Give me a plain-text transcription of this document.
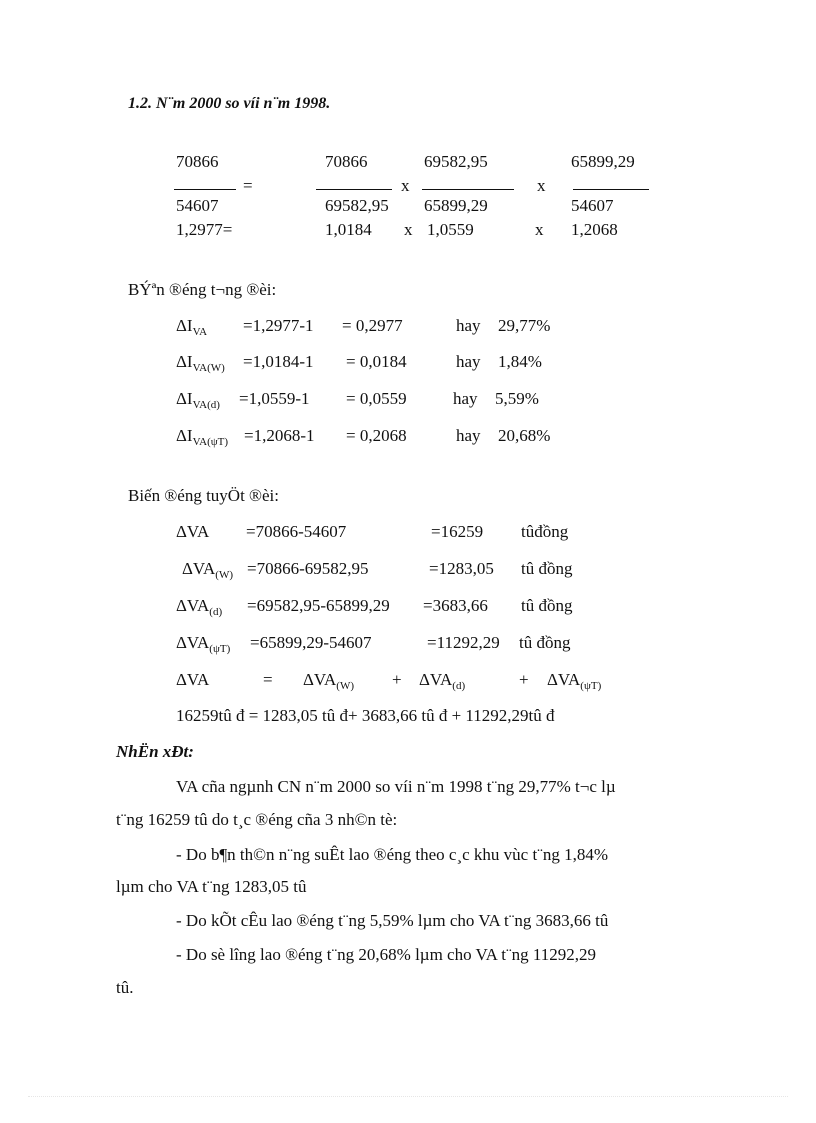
1.2. N¨m 2000 so víi n¨m 1998.
70866	70866	69582,95	65899,29
=	x	x
54607	69582,95 65899,29	54607
1,2977=	1,0184 x 1,0559	x 1,2068
BÝªn ®éng t¬ng ®èi:
$\Delta I_{VA} =1,2977-1 = 0,2977$	hay 29,77%
$\Delta I_{VA(W)} =1,0184-1 = 0,0184$	hay 1,84%
$\Delta I_{VA(d)} =1,0559-1 = 0,0559$	hay 5,59%
$\Delta I_{VA(\psi T)} =1,2068-1 = 0,2068$	hay 20,68%
Biến ®éng tuyÖt ®èi:
ΔVA =70866-54607	=16259 tûđồng
$\Delta VA_{(W)} =70866-69582,95$	=1283,05 tû đồng
$\Delta VA_{(d)} =69582,95-65899,29 =3683,66$ tû đồng
$\Delta VA_{(\psi T)} =65899,29-54607$	=11292,29 tû đồng
ΔVA	= $\Delta VA_{(W)} + \Delta VA_{(d)}$	+ $\Delta VA_{(\psi T)}$
16259tû đ = 1283,05 tû đ+ 3683,66 tû đ + 11292,29tû đ
NhËn xÐt:
VA cña ngµnh CN n¨m 2000 so víi n¨m 1998 t¨ng 29,77% t¬c lµ
t¨ng 16259 tû do t¸c ®éng cña 3 nh©n tè:
- Do b¶n th©n n¨ng suÊt lao ®éng theo c¸c khu vùc t¨ng 1,84%
lµm cho VA t¨ng 1283,05 tû
- Do kÕt cÊu lao ®éng t¨ng 5,59% lµm cho VA t¨ng 3683,66 tû
- Do sè lîng lao ®éng t¨ng 20,68% lµm cho VA t¨ng 11292,29
tû.
